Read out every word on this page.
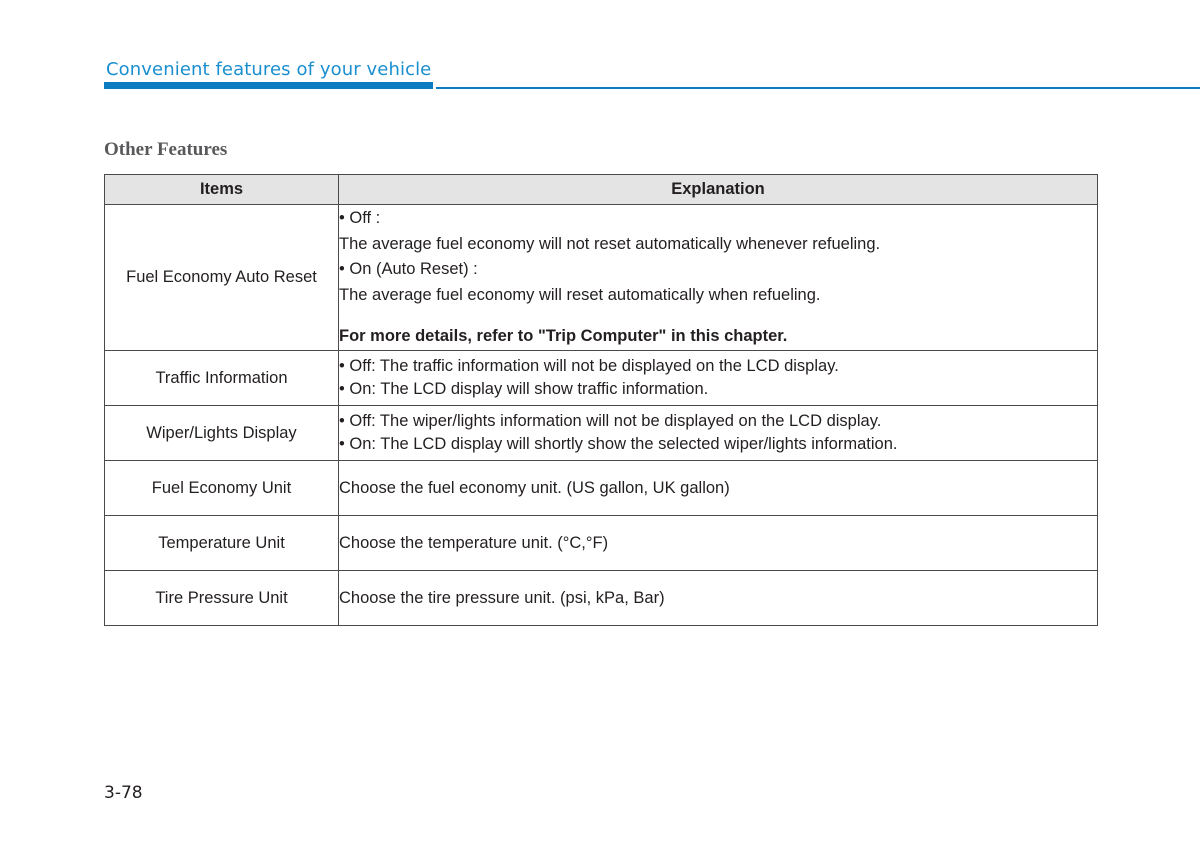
Convenient features of your vehicle
Other Features
Items	Explanation
Fuel Economy Auto Reset	• Off :
The average fuel economy will not reset automatically whenever refueling.
• On (Auto Reset) :
The average fuel economy will reset automatically when refueling.
For more details, refer to "Trip Computer" in this chapter.

Traffic Information	• Off: The traffic information will not be displayed on the LCD display.
• On: The LCD display will show traffic information.

Wiper/Lights Display	• Off: The wiper/lights information will not be displayed on the LCD display.
• On: The LCD display will shortly show the selected wiper/lights information.

Fuel Economy Unit	Choose the fuel economy unit. (US gallon, UK gallon)

Temperature Unit	Choose the temperature unit. (°C,°F)

Tire Pressure Unit	Choose the tire pressure unit. (psi, kPa, Bar)
3-78
